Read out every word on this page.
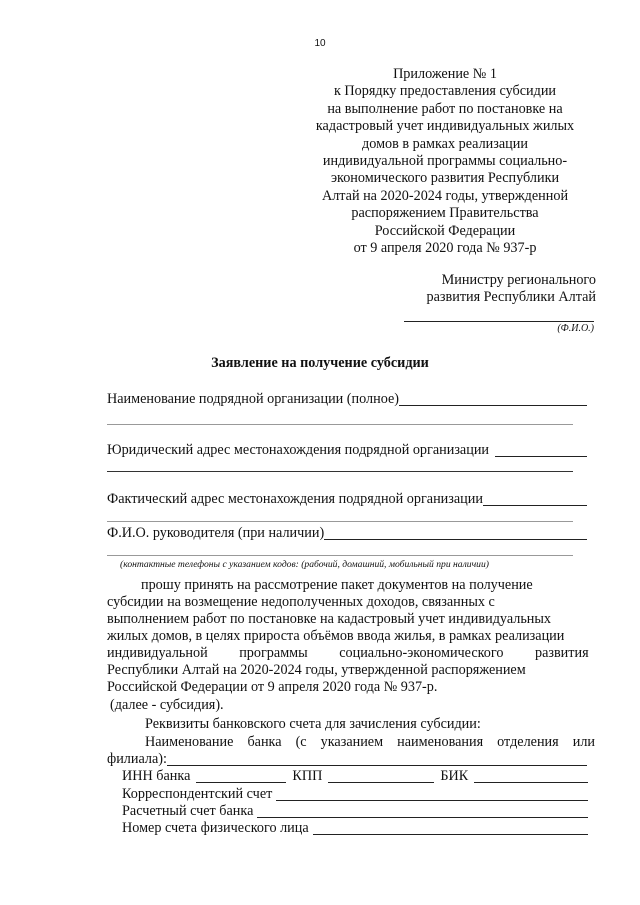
10
Приложение № 1
к Порядку предоставления субсидии
на выполнение работ по постановке на
кадастровый учет индивидуальных жилых
домов в рамках реализации
индивидуальной программы социально-
экономического развития Республики
Алтай на 2020-2024 годы, утвержденной
распоряжением Правительства
Российской Федерации
от 9 апреля 2020 года № 937-р
Министру регионального
развития Республики Алтай
(Ф.И.О.)
Заявление на получение субсидии
Наименование подрядной организации (полное)
Юридический адрес местонахождения подрядной организации
Фактический адрес местонахождения подрядной организации
Ф.И.О. руководителя (при наличии)
(контактные телефоны с указанием кодов: (рабочий, домашний, мобильный при наличии)
прошу принять на рассмотрение пакет документов на получение
субсидии на возмещение недополученных доходов, связанных с
выполнением работ по постановке на кадастровый учет индивидуальных
жилых домов, в целях прироста объёмов ввода жилья, в рамках реализации
индивидуальной программы социально-экономического развития
Республики Алтай на 2020-2024 годы, утвержденной распоряжением
Российской Федерации от 9 апреля 2020 года № 937-р.
(далее - субсидия).
Реквизиты банковского счета для зачисления субсидии:
Наименование банка (с указанием наименования отделения или
филиала):
ИНН банка	КПП	БИК
Корреспондентский счет
Расчетный счет банка
Номер счета физического лица
